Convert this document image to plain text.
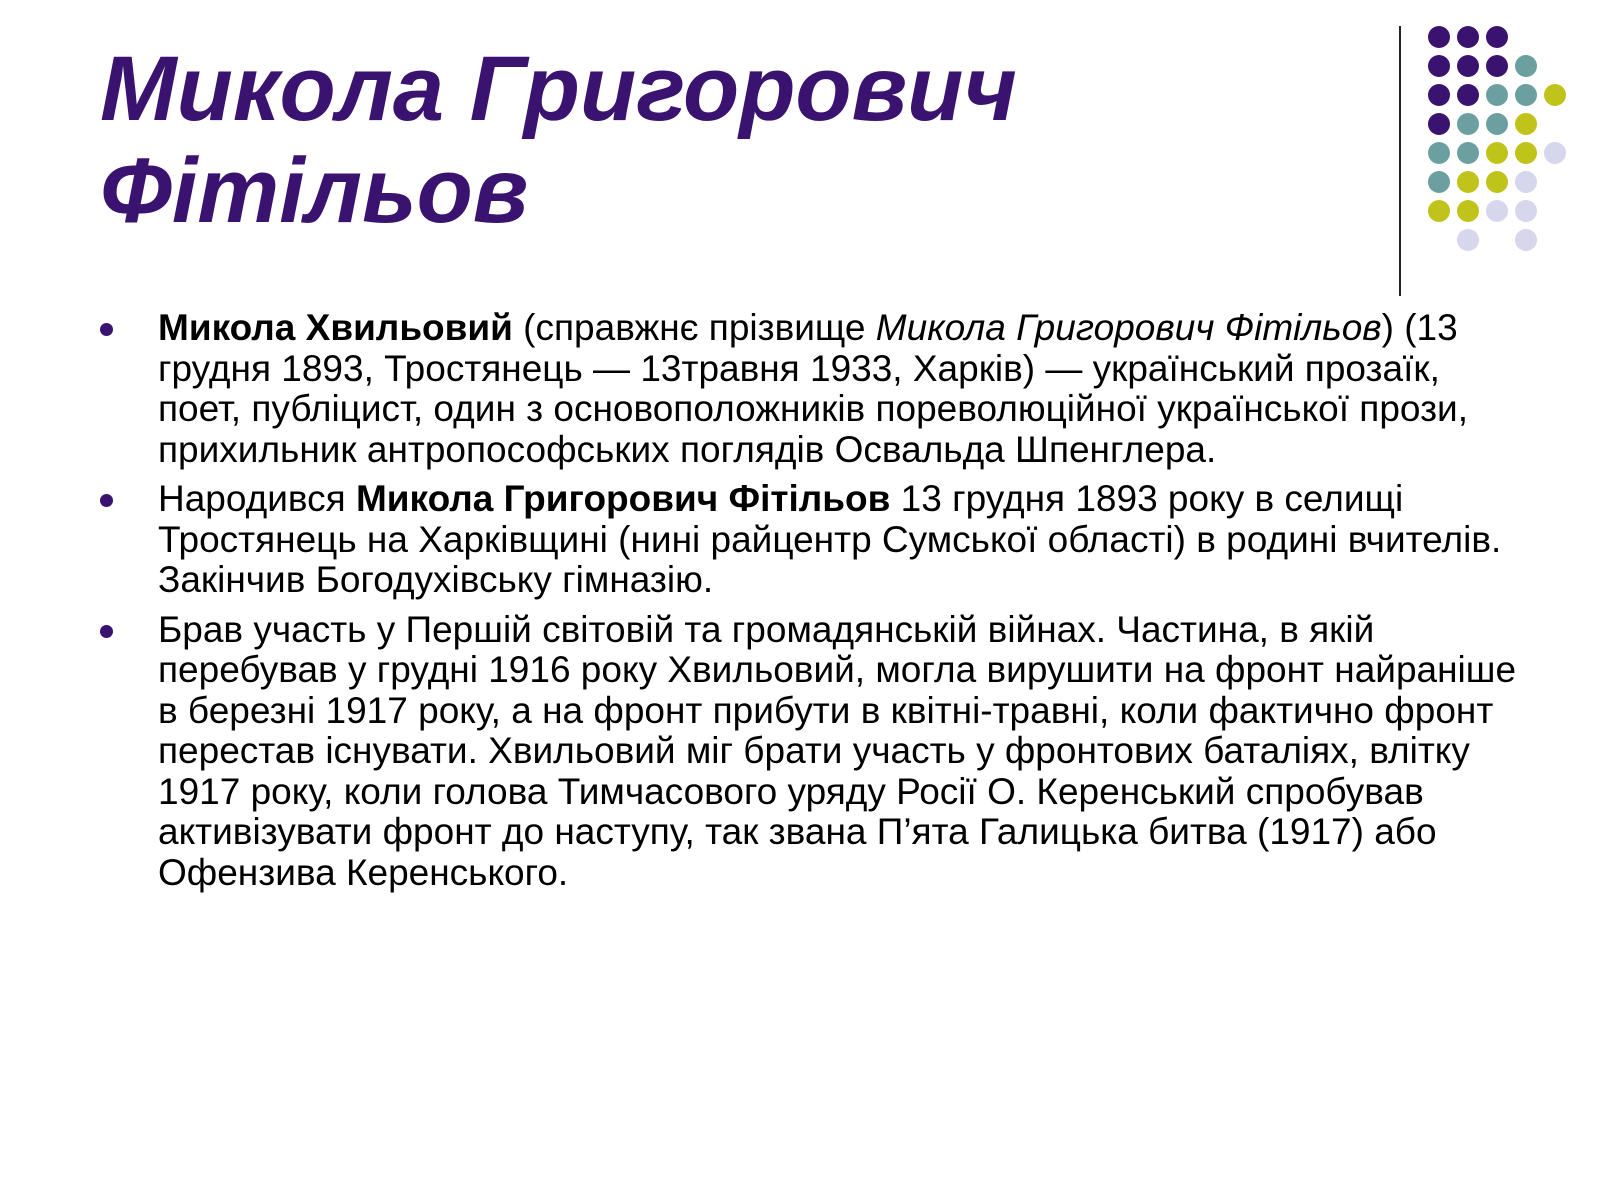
Микола Григорович
Фітільов
Микола Хвильовий (справжнє прізвище Микола Григорович Фітільов) (13 грудня 1893, Тростянець — 13травня 1933, Харків) — український прозаїк, поет, публіцист, один з основоположників пореволюційної української прози, прихильник антропософських поглядів Освальда Шпенглера.
Народився Микола Григорович Фітільов 13 грудня 1893 року в селищі Тростянець на Харківщині (нині райцентр Сумської області) в родині вчителів. Закінчив Богодухівську гімназію.
Брав участь у Першій світовій та громадянській війнах. Частина, в якій перебував у грудні 1916 року Хвильовий, могла вирушити на фронт найраніше в березні 1917 року, а на фронт прибути в квітні-травні, коли фактично фронт перестав існувати. Хвильовий міг брати участь у фронтових баталіях, влітку 1917 року, коли голова Тимчасового уряду Росії О. Керенський спробував активізувати фронт до наступу, так звана П’ята Галицька битва (1917) або Офензива Керенського.
